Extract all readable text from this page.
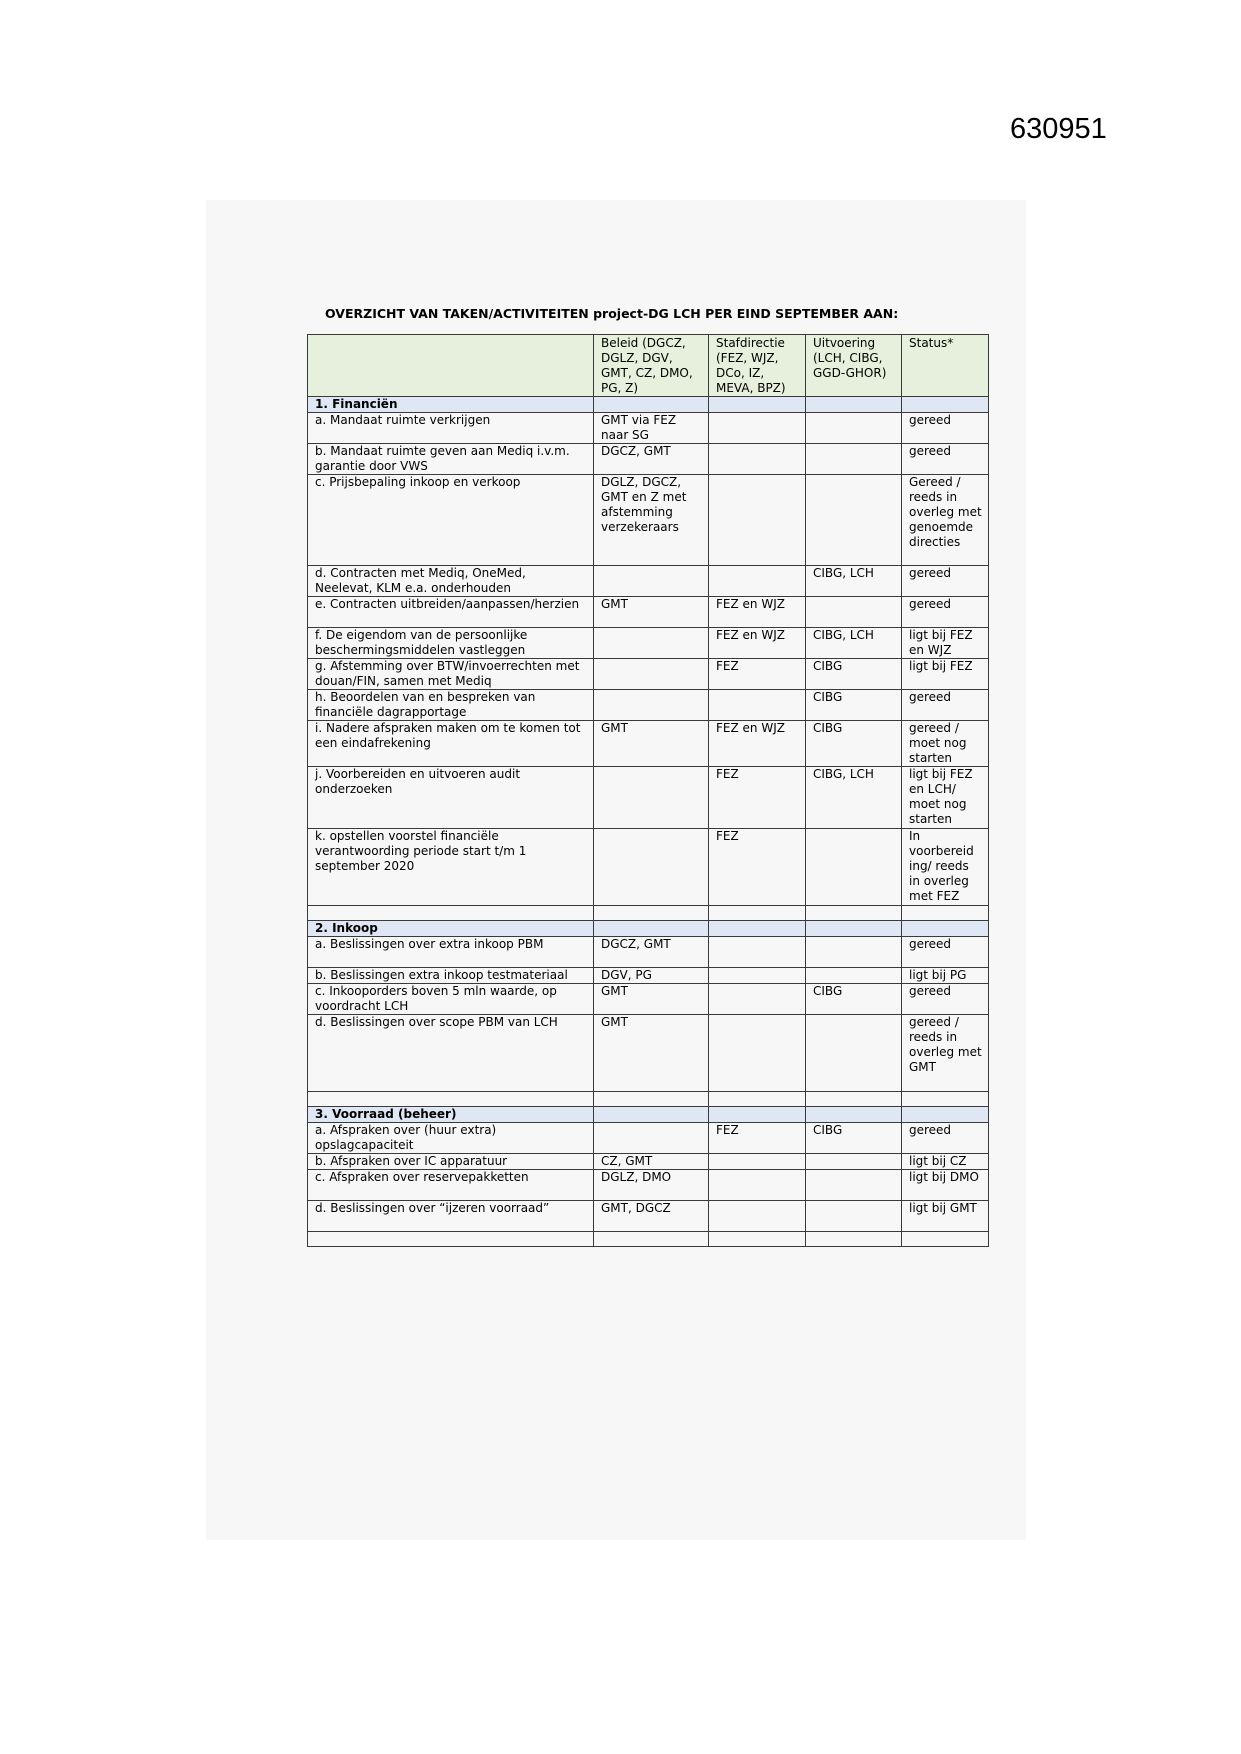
630951
OVERZICHT VAN TAKEN/ACTIVITEITEN project-DG LCH PER EIND SEPTEMBER AAN:
	Beleid (DGCZ, DGLZ, DGV, GMT, CZ, DMO, PG, Z)	Stafdirectie (FEZ, WJZ, DCo, IZ, MEVA, BPZ)	Uitvoering (LCH, CIBG, GGD-GHOR)	Status*
1. Financiën				
a. Mandaat ruimte verkrijgen	GMT via FEZ naar SG			gereed
b. Mandaat ruimte geven aan Mediq i.v.m. garantie door VWS	DGCZ, GMT			gereed
c. Prijsbepaling inkoop en verkoop	DGLZ, DGCZ, GMT en Z met afstemming verzekeraars			Gereed / reeds in overleg met genoemde directies
d. Contracten met Mediq, OneMed, Neelevat, KLM e.a. onderhouden			CIBG, LCH	gereed
e. Contracten uitbreiden/aanpassen/herzien	GMT	FEZ en WJZ		gereed
f. De eigendom van de persoonlijke beschermingsmiddelen vastleggen		FEZ en WJZ	CIBG, LCH	ligt bij FEZ en WJZ
g. Afstemming over BTW/invoerrechten met douan/FIN, samen met Mediq		FEZ	CIBG	ligt bij FEZ
h. Beoordelen van en bespreken van financiële dagrapportage			CIBG	gereed
i. Nadere afspraken maken om te komen tot een eindafrekening	GMT	FEZ en WJZ	CIBG	gereed / moet nog starten
j. Voorbereiden en uitvoeren audit onderzoeken		FEZ	CIBG, LCH	ligt bij FEZ en LCH/ moet nog starten
k. opstellen voorstel financiële verantwoording periode start t/m 1 september 2020		FEZ		In voorbereid ing/ reeds in overleg met FEZ

2. Inkoop				
a. Beslissingen over extra inkoop PBM	DGCZ, GMT			gereed
b. Beslissingen extra inkoop testmateriaal	DGV, PG			ligt bij PG
c. Inkooporders boven 5 mln waarde, op voordracht LCH	GMT		CIBG	gereed
d. Beslissingen over scope PBM van LCH	GMT			gereed / reeds in overleg met GMT

3. Voorraad (beheer)				
a. Afspraken over (huur extra) opslagcapaciteit		FEZ	CIBG	gereed
b. Afspraken over IC apparatuur	CZ, GMT			ligt bij CZ
c. Afspraken over reservepakketten	DGLZ, DMO			ligt bij DMO
d. Beslissingen over “ijzeren voorraad”	GMT, DGCZ			ligt bij GMT
